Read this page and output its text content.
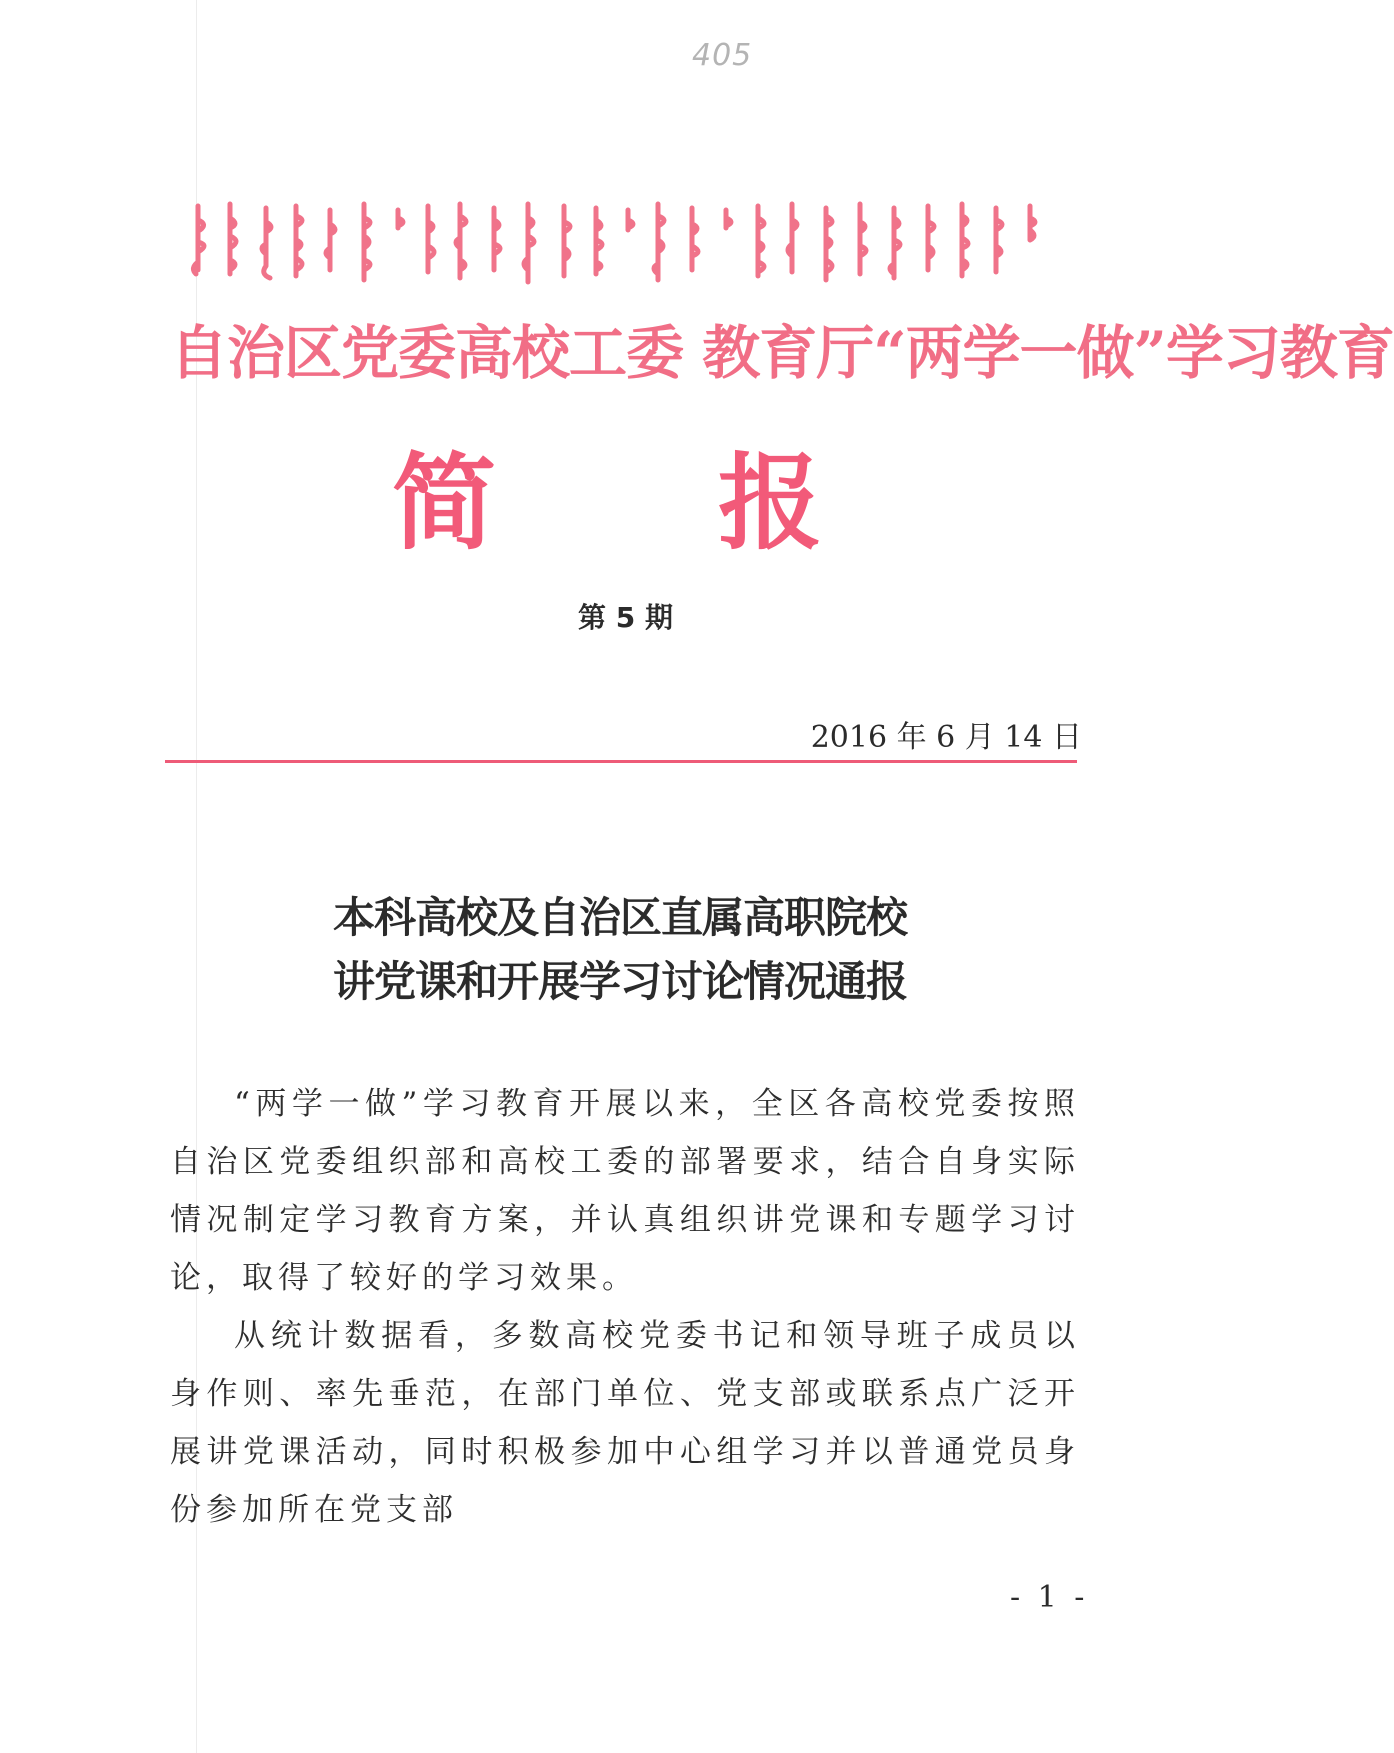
405
自治区党委高校工委 教育厅“两学一做”学习教育
简 报
第 5 期
2016 年 6 月 14 日
本科高校及自治区直属高职院校
讲党课和开展学习讨论情况通报

“两学一做”学习教育开展以来，全区各高校党委按照自治区党委组织部和高校工委的部署要求，结合自身实际情况制定学习教育方案，并认真组织讲党课和专题学习讨论，取得了较好的学习效果。

从统计数据看，多数高校党委书记和领导班子成员以身作则、率先垂范，在部门单位、党支部或联系点广泛开展讲党课活动，同时积极参加中心组学习并以普通党员身份参加所在党支部

- 1 -
